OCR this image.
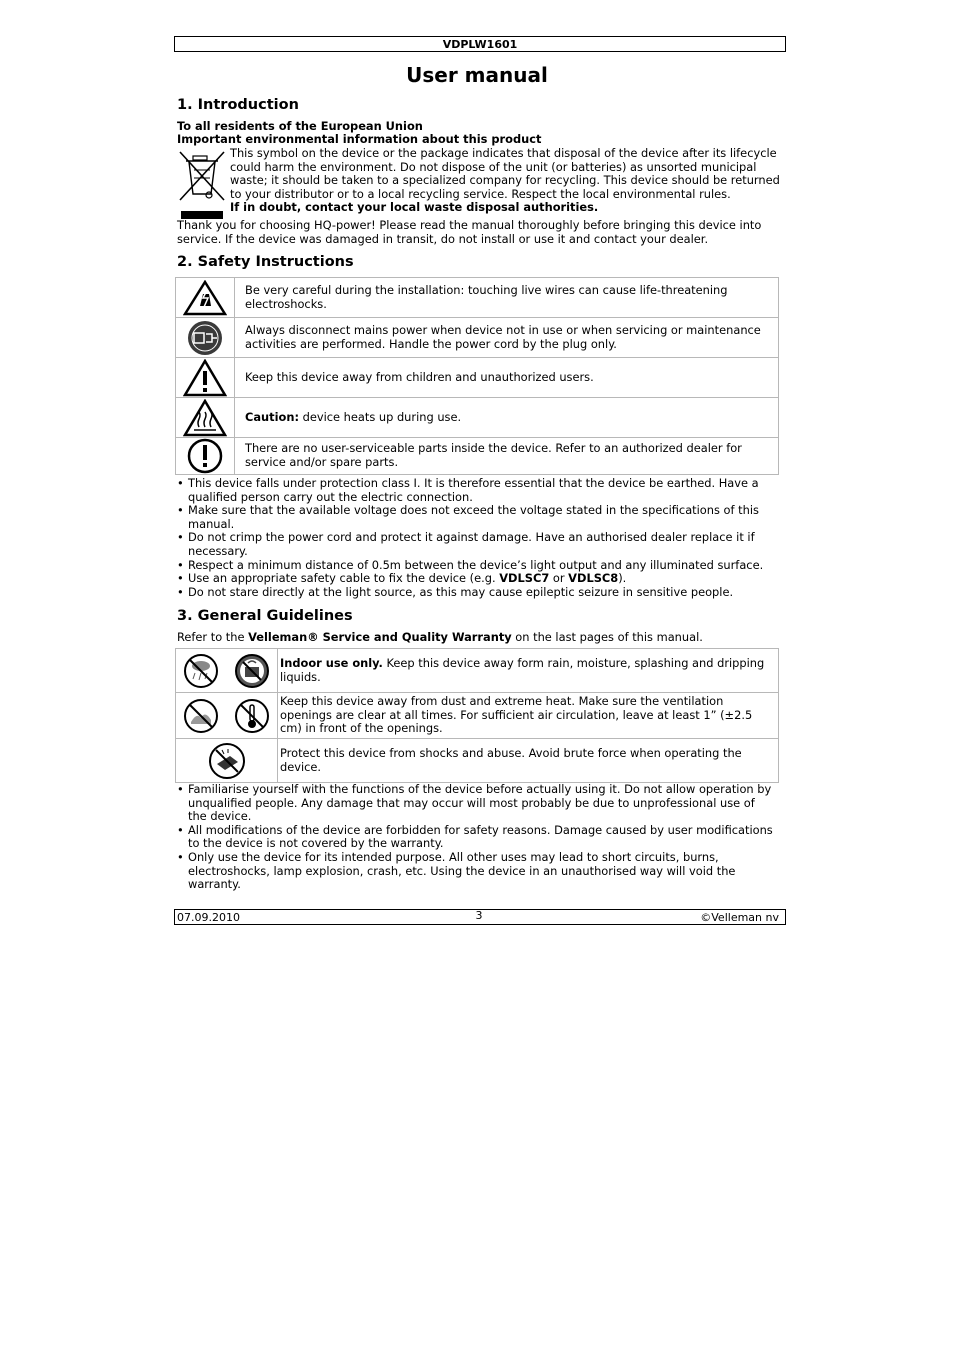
VDPLW1601
User manual
1. Introduction
To all residents of the European Union
Important environmental information about this product
This symbol on the device or the package indicates that disposal of the device after its lifecycle could harm the environment. Do not dispose of the unit (or batteries) as unsorted municipal waste; it should be taken to a specialized company for recycling. This device should be returned to your distributor or to a local recycling service. Respect the local environmental rules.
If in doubt, contact your local waste disposal authorities.
Thank you for choosing HQ-power! Please read the manual thoroughly before bringing this device into service. If the device was damaged in transit, do not install or use it and contact your dealer.
2. Safety Instructions
	Be very careful during the installation: touching live wires can cause life-threatening electroshocks.

	Always disconnect mains power when device not in use or when servicing or maintenance activities are performed. Handle the power cord by the plug only.

	Keep this device away from children and unauthorized users.

	Caution: device heats up during use.

	There are no user-serviceable parts inside the device. Refer to an authorized dealer for service and/or spare parts.
• This device falls under protection class I. It is therefore essential that the device be earthed. Have a qualified person carry out the electric connection.
• Make sure that the available voltage does not exceed the voltage stated in the specifications of this manual.
• Do not crimp the power cord and protect it against damage. Have an authorised dealer replace it if necessary.
• Respect a minimum distance of 0.5m between the device’s light output and any illuminated surface.
• Use an appropriate safety cable to fix the device (e.g. VDLSC7 or VDLSC8).
• Do not stare directly at the light source, as this may cause epileptic seizure in sensitive people.
3. General Guidelines
Refer to the Velleman® Service and Quality Warranty on the last pages of this manual.
	Indoor use only. Keep this device away form rain, moisture, splashing and dripping liquids.

	Keep this device away from dust and extreme heat. Make sure the ventilation openings are clear at all times. For sufficient air circulation, leave at least 1” (±2.5 cm) in front of the openings.

	Protect this device from shocks and abuse. Avoid brute force when operating the device.
• Familiarise yourself with the functions of the device before actually using it. Do not allow operation by unqualified people. Any damage that may occur will most probably be due to unprofessional use of the device.
• All modifications of the device are forbidden for safety reasons. Damage caused by user modifications to the device is not covered by the warranty.
• Only use the device for its intended purpose. All other uses may lead to short circuits, burns, electroshocks, lamp explosion, crash, etc. Using the device in an unauthorised way will void the warranty.
07.09.2010	3	©Velleman nv
